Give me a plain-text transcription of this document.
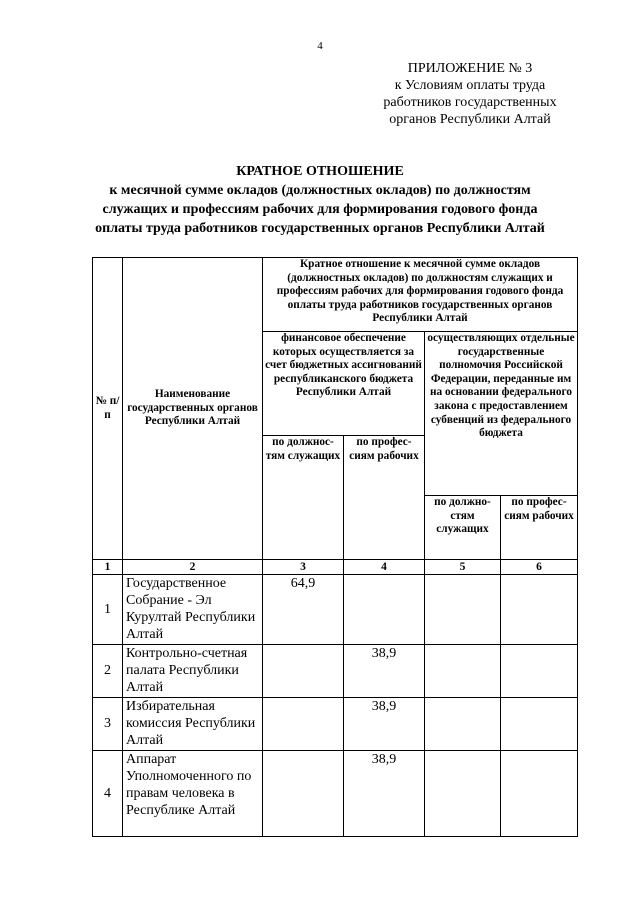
4
ПРИЛОЖЕНИЕ № 3
к Условиям оплаты труда
работников государственных
органов Республики Алтай
КРАТНОЕ ОТНОШЕНИЕ
к месячной сумме окладов (должностных окладов) по должностям
служащих и профессиям рабочих для формирования годового фонда
оплаты труда работников государственных органов Республики Алтай
№ п/п	Наименование государственных органов Республики Алтай	Кратное отношение к месячной сумме окладов (должностных окладов) по должностям служащих и профессиям рабочих для формирования годового фонда оплаты труда работников государственных органов Республики Алтай			
		финансовое обеспечение которых осуществляется за счет бюджетных ассигнований республиканского бюджета Республики Алтай		осуществляющих отдельные государственные полномочия Российской Федерации, переданные им на основании федерального закона с предоставлением субвенций из федерального бюджета	
		по должнос-тям служащих	по профес-сиям рабочих		
				по должно-стям служащих	по профес-сиям рабочих
1	2	3	4	5	6
1	Государственное Собрание - Эл Курултай Республики Алтай	64,9			
2	Контрольно-счетная палата Республики Алтай		38,9		
3	Избирательная комиссия Республики Алтай		38,9		
4	Аппарат Уполномоченного по правам человека в Республике Алтай		38,9		
